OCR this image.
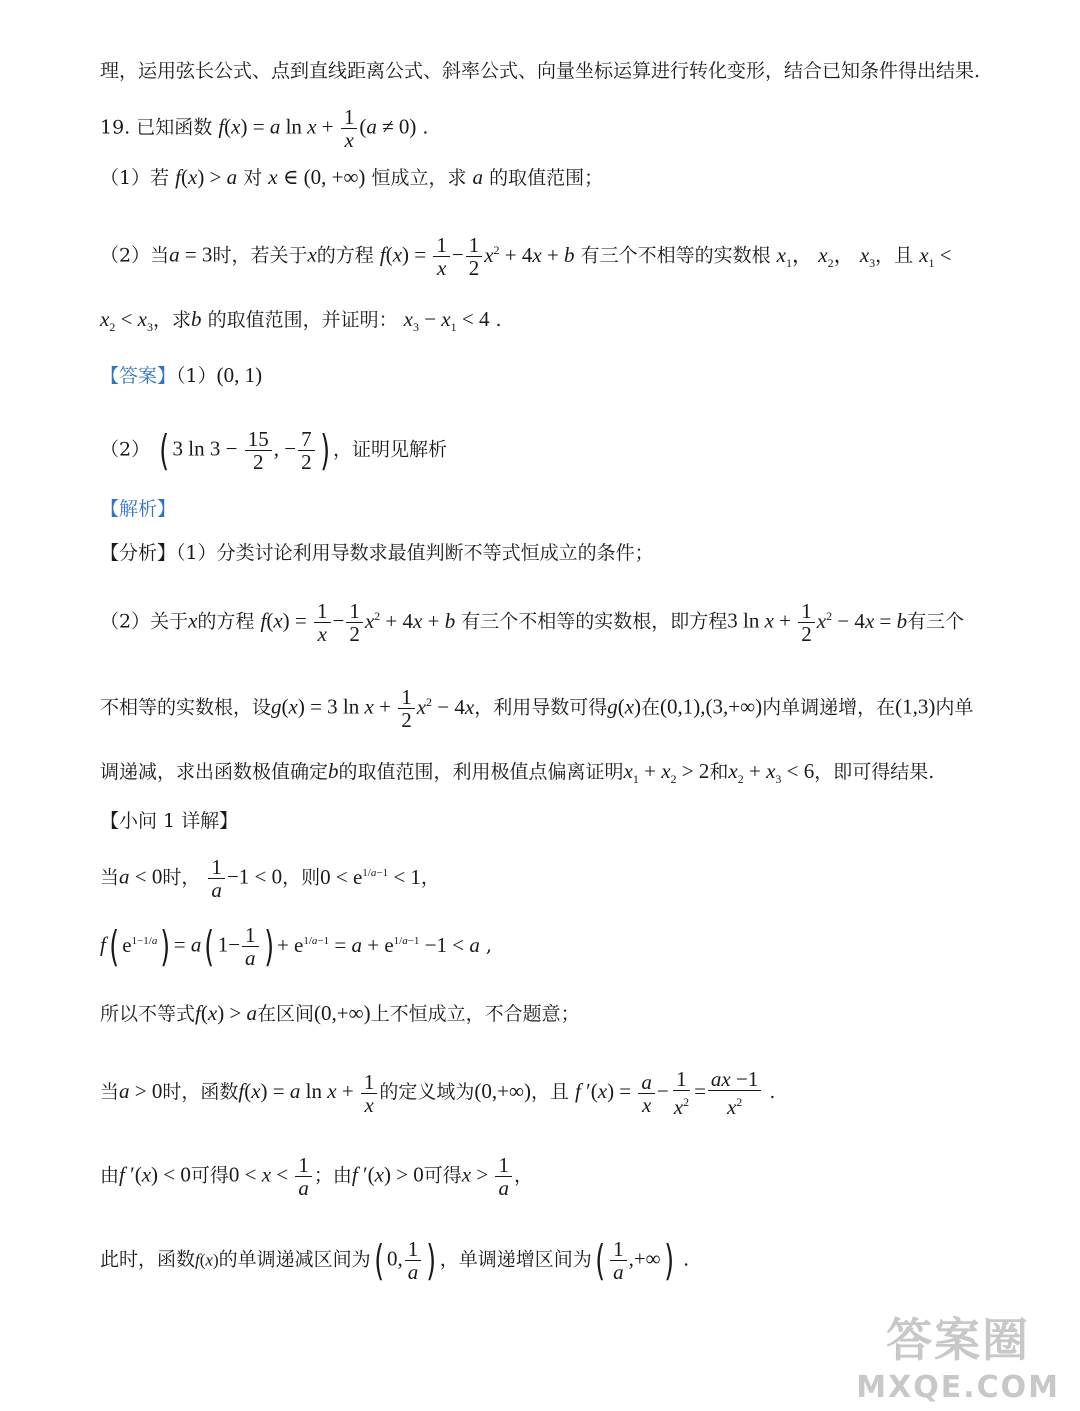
理，运用弦长公式、点到直线距离公式、斜率公式、向量坐标运算进行转化变形，结合已知条件得出结果.
19. 已知函数 f(x) = a $\ln x + \frac{1}{x} (a \ne 0)$ .
（1）若 f(x) > a 对 x ∈ (0, +∞) 恒成立，求 a 的取值范围；
（2）当a = 3时，若关于x的方程 $f(x) = \frac{1}{x} - \frac{1}{2} x^2 + 4x + b$ 有三个不相等的实数根 $x_1$， $x_2$， $x_3$，且 $x_1$ <
$x_2 < x_3$，求b 的取值范围，并证明： $x_3 - x_1 < 4$ .
【答案】（1）(0, 1)
（2） ( 3 $\ln 3 - \frac{15}{2}$ , − $\frac{7}{2}$ ) ，证明见解析
【解析】
【分析】（1）分类讨论利用导数求最值判断不等式恒成立的条件；
（2）关于x的方程 $f(x) = \frac{1}{x} - \frac{1}{2} x^2 + 4x + b$ 有三个不相等的实数根，即方程3 $\ln x + \frac{1}{2} x^2 - 4x = b$有三个
不相等的实数根，设g(x) = 3 $\ln x + \frac{1}{2} x^2 - 4x$，利用导数可得g(x)在(0,1),(3,+∞)内单调递增，在(1,3)内单
调递减，求出函数极值确定b的取值范围，利用极值点偏离证明$x_1 + x_2 > 2$和$x_2 + x_3 < 6$，即可得结果.
【小问 1 详解】
当a < 0时， $\frac{1}{a} -1 < 0$，则$0 < e^{1/a-1} < 1$，
f( $e^{1-1/a}) = a$( $1- \frac{1}{a}$ ) + $e^{1/a-1} = a + e^{1/a-1} -1 < a$ ,
所以不等式f(x) > a在区间(0,+∞)上不恒成立，不合题意；
当a > 0时，函数f(x) = a $\ln x + \frac{1}{x}$ 的定义域为(0,+∞)，且 f $'(x) = \frac{a}{x} - \frac{1}{x^2} = \frac{ax -1}{x^2}$ .
由f ′(x) < 0可得$0 < x < \frac{1}{a}$ ；由f ′(x) > 0可得$x > \frac{1}{a}$ ，
此时，函数f(x)的单调递减区间为( 0, $\frac{1}{a}$ ) ，单调递增区间为( $\frac{1}{a}$ ,+∞) .
答案圈
MXQE.COM
